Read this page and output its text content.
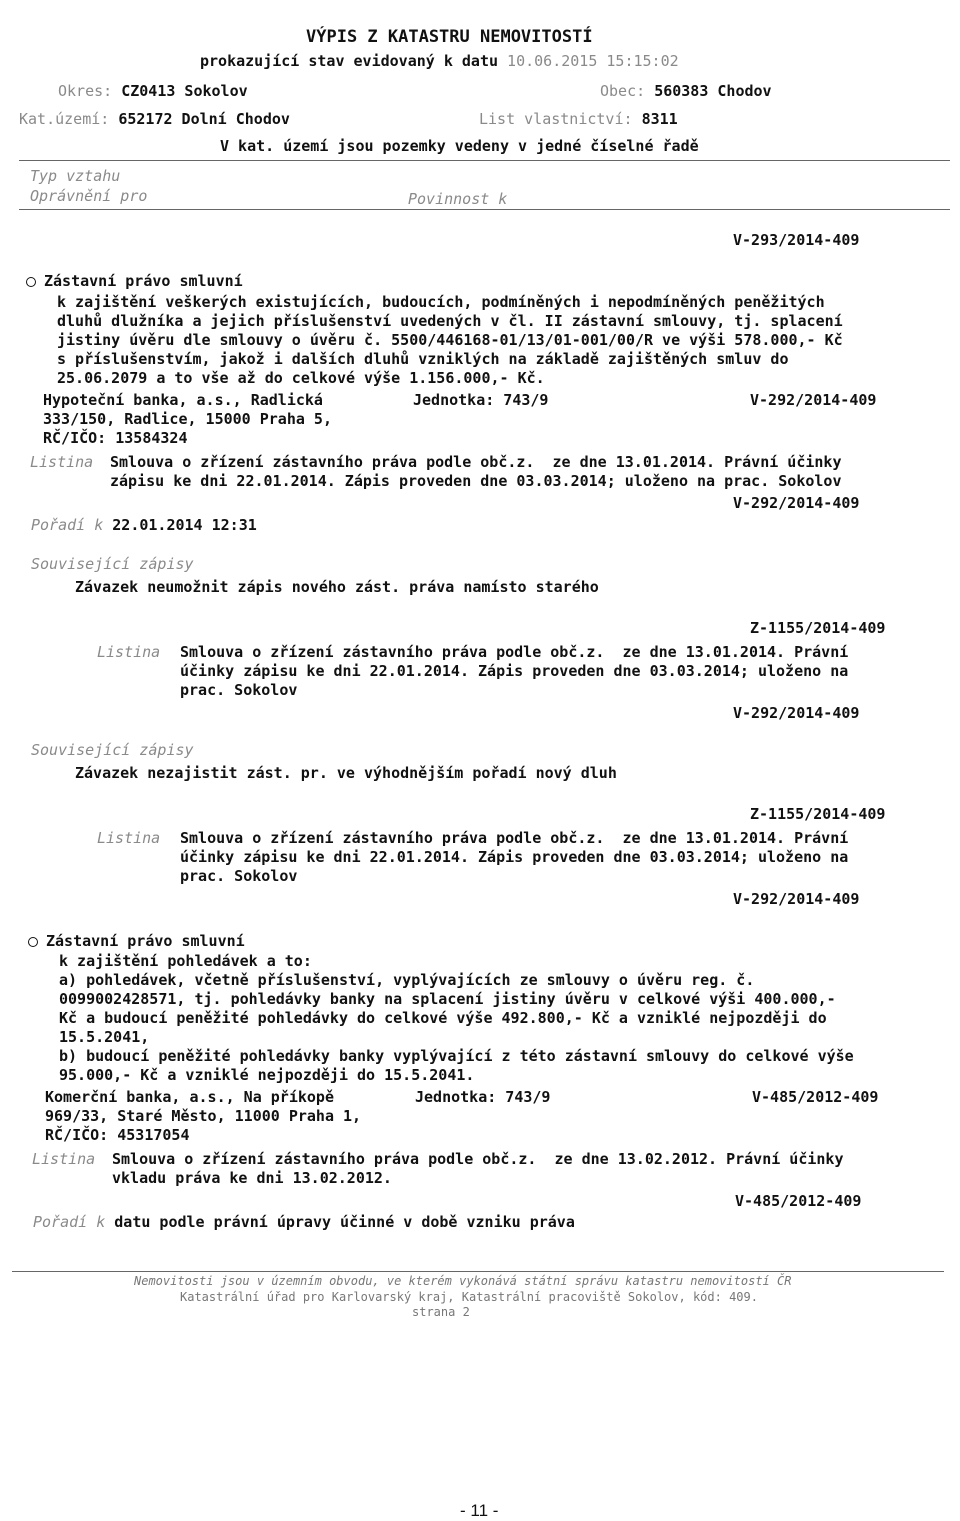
VÝPIS Z KATASTRU NEMOVITOSTÍ
prokazující stav evidovaný k datu 10.06.2015 15:15:02
Okres: CZ0413 Sokolov	Obec: 560383 Chodov
Kat.území: 652172 Dolní Chodov	List vlastnictví: 8311
V kat. území jsou pozemky vedeny v jedné číselné řadě
Typ vztahu
Oprávnění pro	Povinnost k
V-293/2014-409
Zástavní právo smluvní
k zajištění veškerých existujících, budoucích, podmíněných i nepodmíněných peněžitých
dluhů dlužníka a jejich příslušenství uvedených v čl. II zástavní smlouvy, tj. splacení
jistiny úvěru dle smlouvy o úvěru č. 5500/446168-01/13/01-001/00/R ve výši 578.000,- Kč
s příslušenstvím, jakož i dalších dluhů vzniklých na základě zajištěných smluv do
25.06.2079 a to vše až do celkové výše 1.156.000,- Kč.
Hypoteční banka, a.s., Radlická
333/150, Radlice, 15000 Praha 5,
RČ/IČO: 13584324
Jednotka: 743/9	V-292/2014-409
Listina Smlouva o zřízení zástavního práva podle obč.z.  ze dne 13.01.2014. Právní účinky
zápisu ke dni 22.01.2014. Zápis proveden dne 03.03.2014; uloženo na prac. Sokolov
V-292/2014-409
Pořadí k 22.01.2014 12:31
Související zápisy
Závazek neumožnit zápis nového zást. práva namísto starého
Z-1155/2014-409
Listina Smlouva o zřízení zástavního práva podle obč.z.  ze dne 13.01.2014. Právní
účinky zápisu ke dni 22.01.2014. Zápis proveden dne 03.03.2014; uloženo na
prac. Sokolov
V-292/2014-409
Související zápisy
Závazek nezajistit zást. pr. ve výhodnějším pořadí nový dluh
Z-1155/2014-409
Listina Smlouva o zřízení zástavního práva podle obč.z.  ze dne 13.01.2014. Právní
účinky zápisu ke dni 22.01.2014. Zápis proveden dne 03.03.2014; uloženo na
prac. Sokolov
V-292/2014-409
Zástavní právo smluvní
k zajištění pohledávek a to:
a) pohledávek, včetně příslušenství, vyplývajících ze smlouvy o úvěru reg. č.
0099002428571, tj. pohledávky banky na splacení jistiny úvěru v celkové výši 400.000,-
Kč a budoucí peněžité pohledávky do celkové výše 492.800,- Kč a vzniklé nejpozději do
15.5.2041,
b) budoucí peněžité pohledávky banky vyplývající z této zástavní smlouvy do celkové výše
95.000,- Kč a vzniklé nejpozději do 15.5.2041.
Komerční banka, a.s., Na příkopě
969/33, Staré Město, 11000 Praha 1,
RČ/IČO: 45317054
Jednotka: 743/9	V-485/2012-409
Listina Smlouva o zřízení zástavního práva podle obč.z.  ze dne 13.02.2012. Právní účinky
vkladu práva ke dni 13.02.2012.
V-485/2012-409
Pořadí k datu podle právní úpravy účinné v době vzniku práva
Nemovitosti jsou v územním obvodu, ve kterém vykonává státní správu katastru nemovitostí ČR
Katastrální úřad pro Karlovarský kraj, Katastrální pracoviště Sokolov, kód: 409.
strana 2
- 11 -
